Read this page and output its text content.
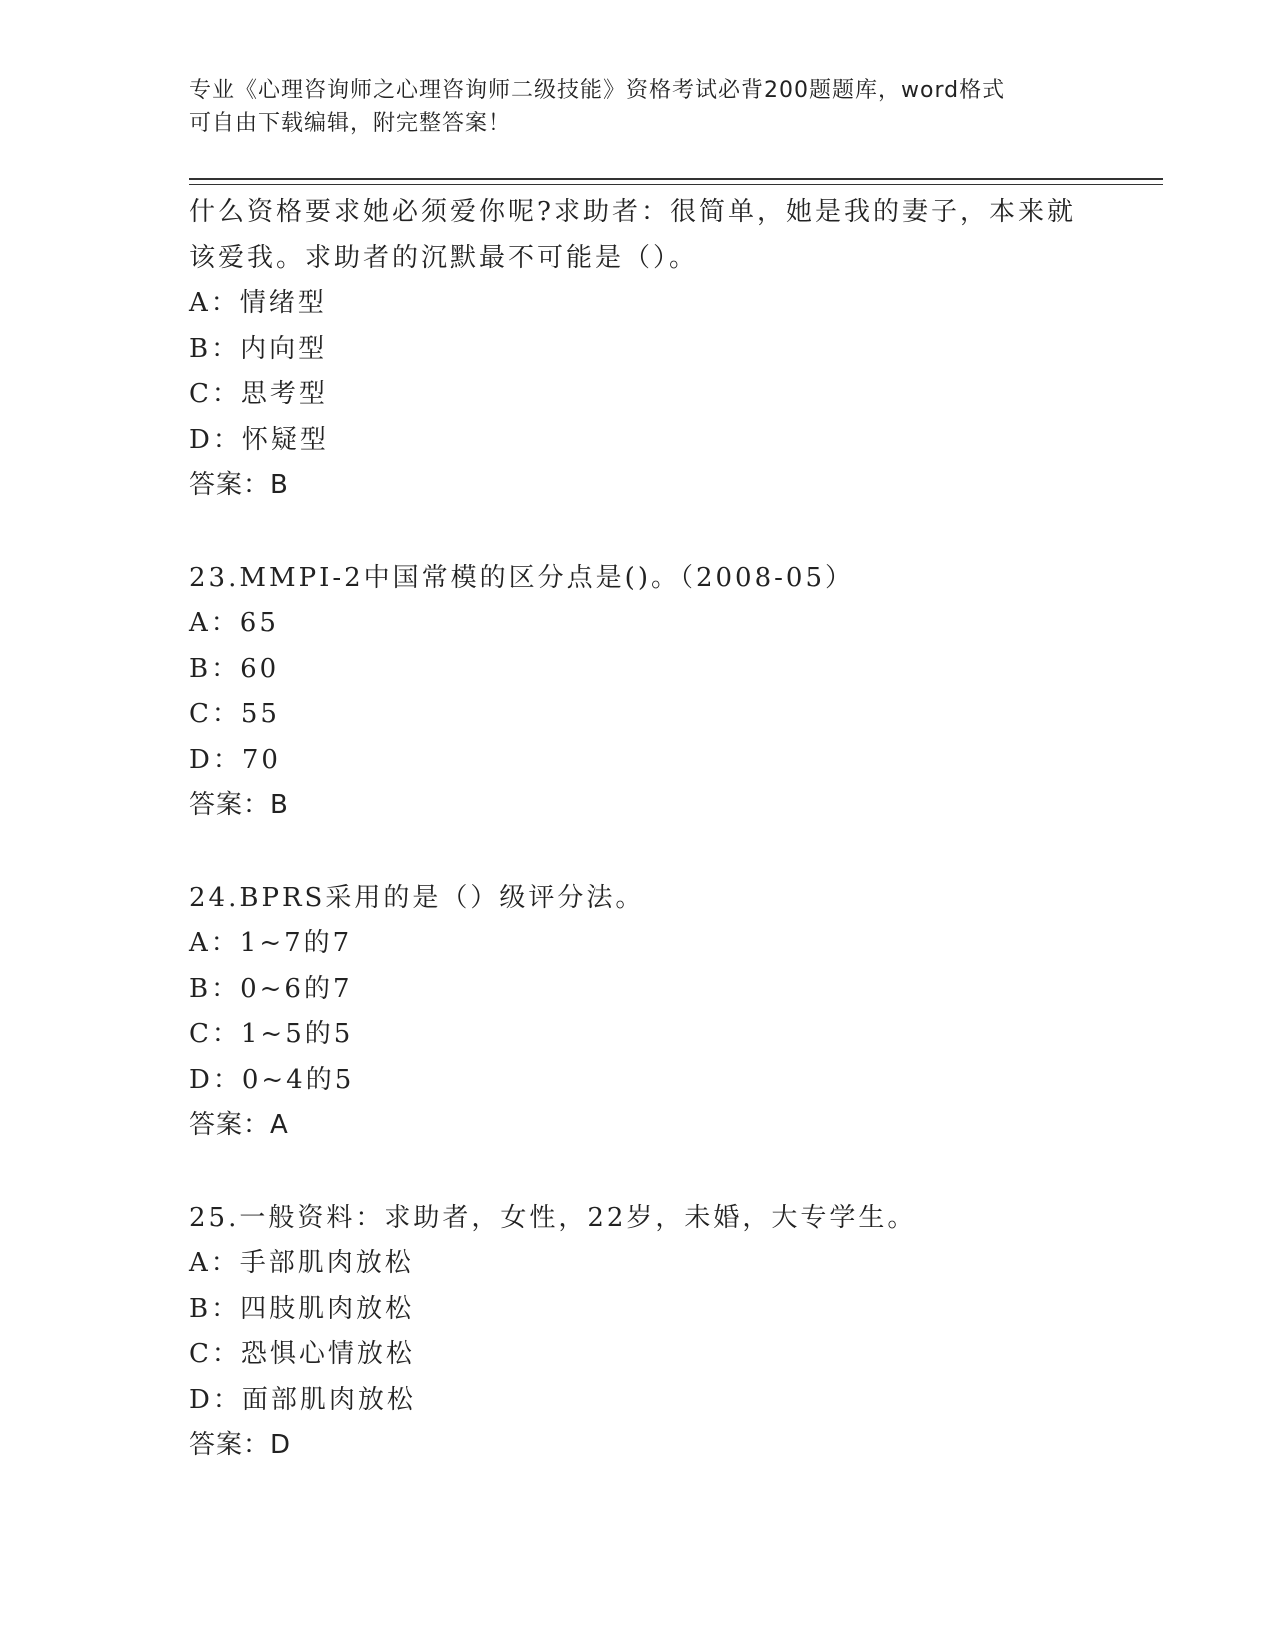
专业《心理咨询师之心理咨询师二级技能》资格考试必背200题题库，word格式
可自由下载编辑，附完整答案！
什么资格要求她必须爱你呢?求助者：很简单，她是我的妻子，本来就
该爱我。求助者的沉默最不可能是（）。
A：情绪型
B：内向型
C：思考型
D：怀疑型
答案：B
23.MMPI-2中国常模的区分点是()。（2008-05）
A：65
B：60
C：55
D：70
答案：B
24.BPRS采用的是（）级评分法。
A：1~7的7
B：0~6的7
C：1~5的5
D：0~4的5
答案：A
25.一般资料：求助者，女性，22岁，未婚，大专学生。
A：手部肌肉放松
B：四肢肌肉放松
C：恐惧心情放松
D：面部肌肉放松
答案：D
